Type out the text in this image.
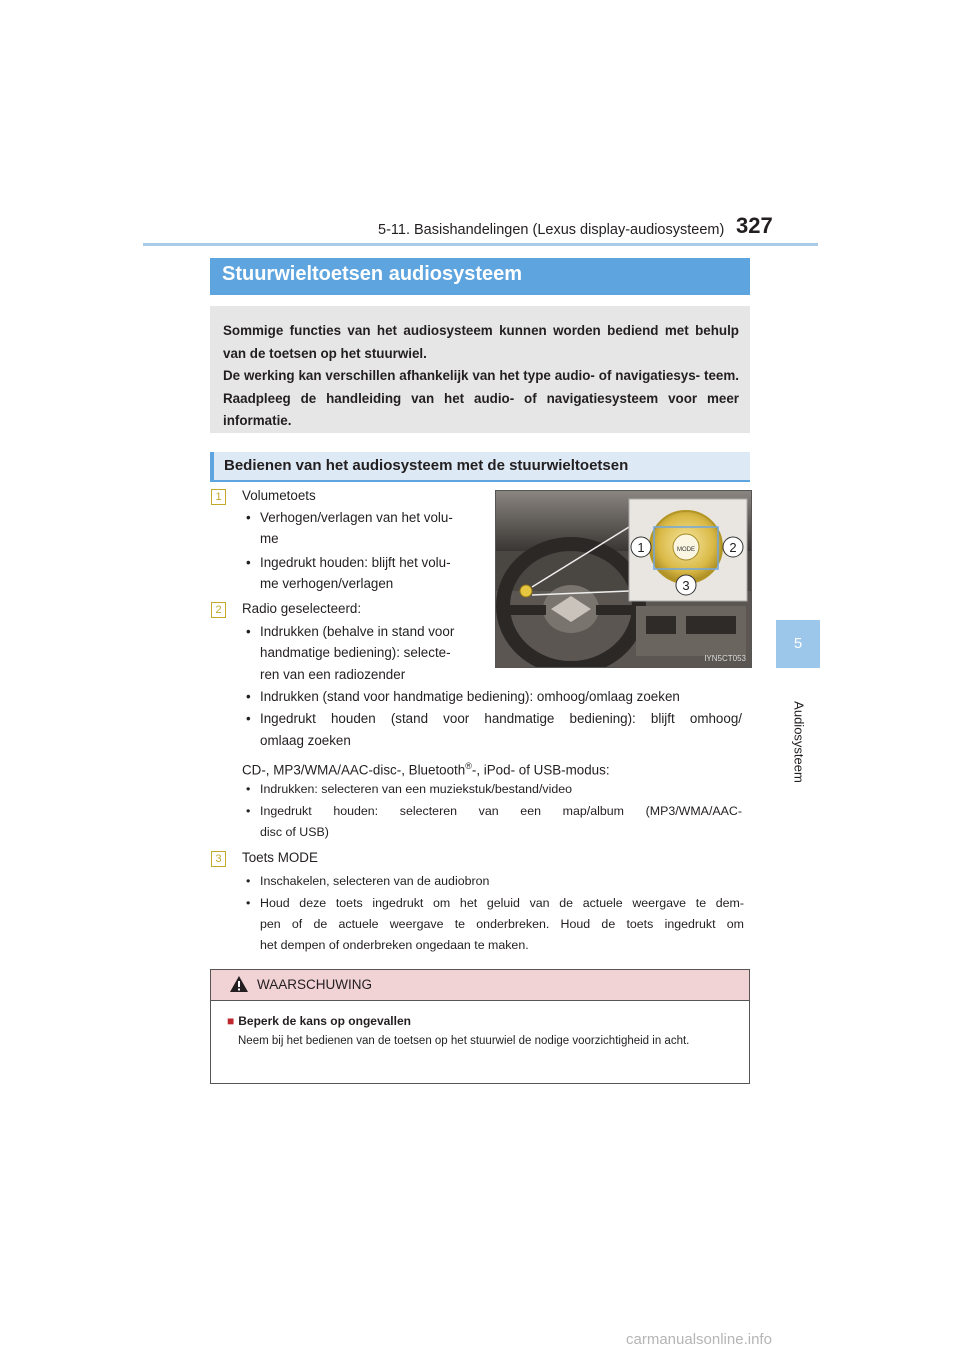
5-11. Basishandelingen (Lexus display-audiosysteem) 327
5
Audiosysteem
Stuurwieltoetsen audiosysteem

Sommige functies van het audiosysteem kunnen worden bediend met behulp van de toetsen op het stuurwiel.

De werking kan verschillen afhankelijk van het type audio- of navigatiesys- teem. Raadpleeg de handleiding van het audio- of navigatiesysteem voor meer informatie.

Bedienen van het audiosysteem met de stuurwieltoetsen
1	Volumetoets
• Verhogen/verlagen van het volu-
me
• Ingedrukt houden: blijft het volu-
me verhogen/verlagen
2	Radio geselecteerd:
• Indrukken (behalve in stand voor
handmatige bediening): selecte-
ren van een radiozender
• Indrukken (stand voor handmatige bediening): omhoog/omlaag zoeken
• Ingedrukt houden (stand voor handmatige bediening): blijft omhoog/
omlaag zoeken
CD-, MP3/WMA/AAC-disc-, Bluetooth®-, iPod- of USB-modus:
• Indrukken: selecteren van een muziekstuk/bestand/video
• Ingedrukt houden: selecteren van een map/album (MP3/WMA/AAC-
disc of USB)
3	Toets MODE
• Inschakelen, selecteren van de audiobron
• Houd deze toets ingedrukt om het geluid van de actuele weergave te dem-
pen of de actuele weergave te onderbreken. Houd de toets ingedrukt om
het dempen of onderbreken ongedaan te maken.
MODE
1	2
3
IYN5CT053
WAARSCHUWING
■ Beperk de kans op ongevallen
Neem bij het bedienen van de toetsen op het stuurwiel de nodige voorzichtigheid in acht.
carmanualsonline.info
